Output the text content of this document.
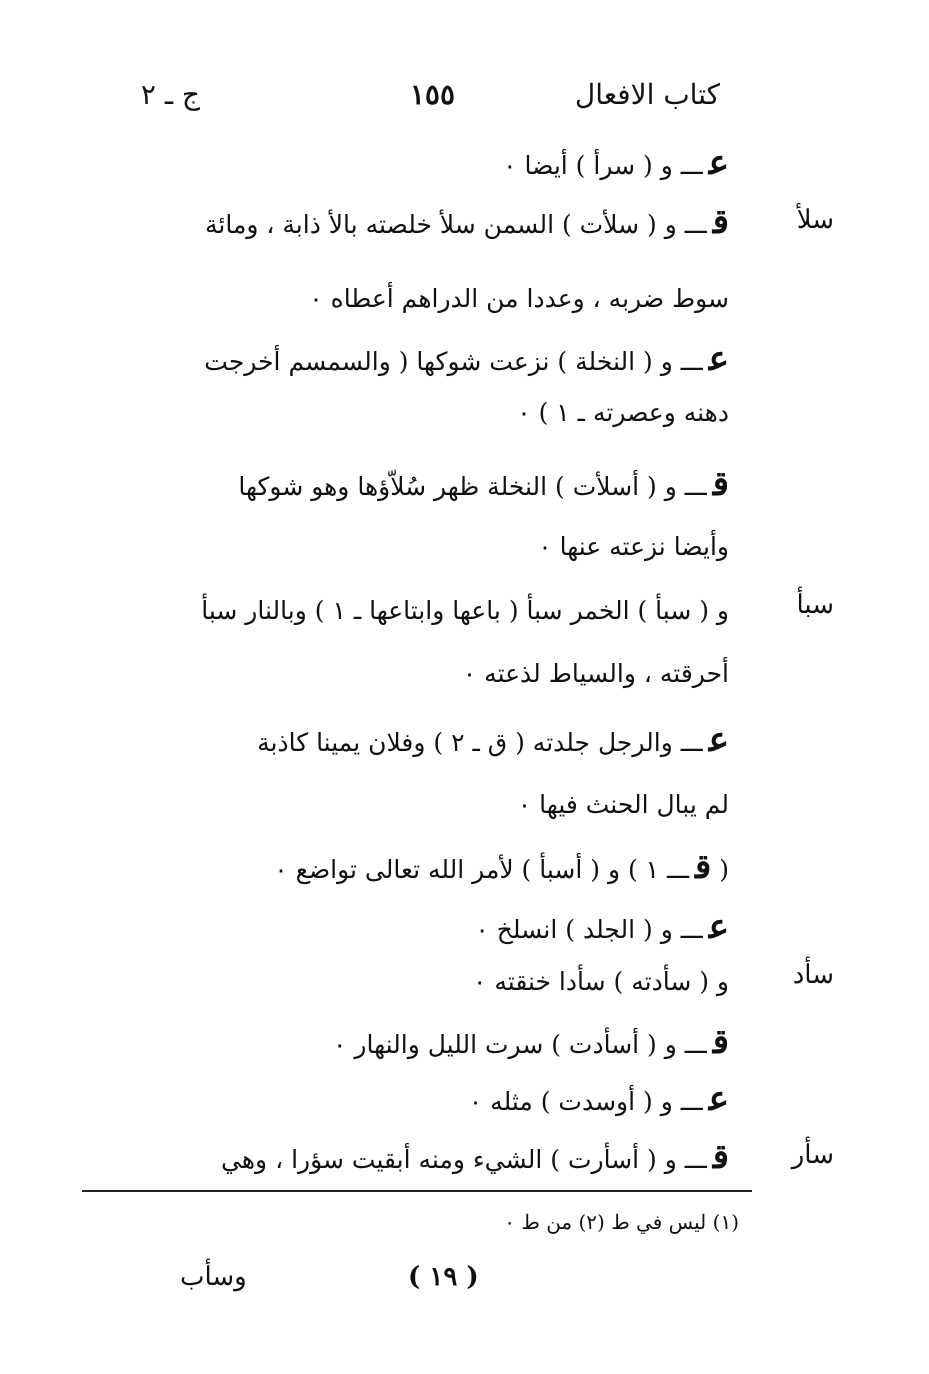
كتاب الافعال
١٥٥
ج ـ ٢
سلأ
سبأ
سأد
سأر
عـــ و ( سرأ ) أيضا ٠
قـــ و ( سلأت ) السمن سلأ خلصته بالأ ذابة ، ومائة
سوط ضربه ، وعددا من الدراهم أعطاه ٠
عـــ و ( النخلة ) نزعت شوكها ( والسمسم أخرجت
دهنه وعصرته ـ ١ ) ٠
قـــ و ( أسلأت ) النخلة ظهر سُلاّؤها وهو شوكها
وأيضا نزعته عنها ٠
و ( سبأ ) الخمر سبأ ( باعها وابتاعها ـ ١ ) وبالنار سبأ
أحرقته ، والسياط لذعته ٠
عـــ والرجل جلدته ( ق ـ ٢ ) وفلان يمينا كاذبة
لم يبال الحنث فيها ٠
( قـــ ١ ) و ( أسبأ ) لأمر الله تعالى تواضع ٠
عـــ و ( الجلد ) انسلخ ٠
و ( سأدته ) سأدا خنقته ٠
قـــ و ( أسأدت ) سرت الليل والنهار ٠
عـــ و ( أوسدت ) مثله ٠
قـــ و ( أسأرت ) الشيء ومنه أبقيت سؤرا ، وهي
(١) ليس في ط (٢) من ط ٠
( ١٩ )
وسأب
